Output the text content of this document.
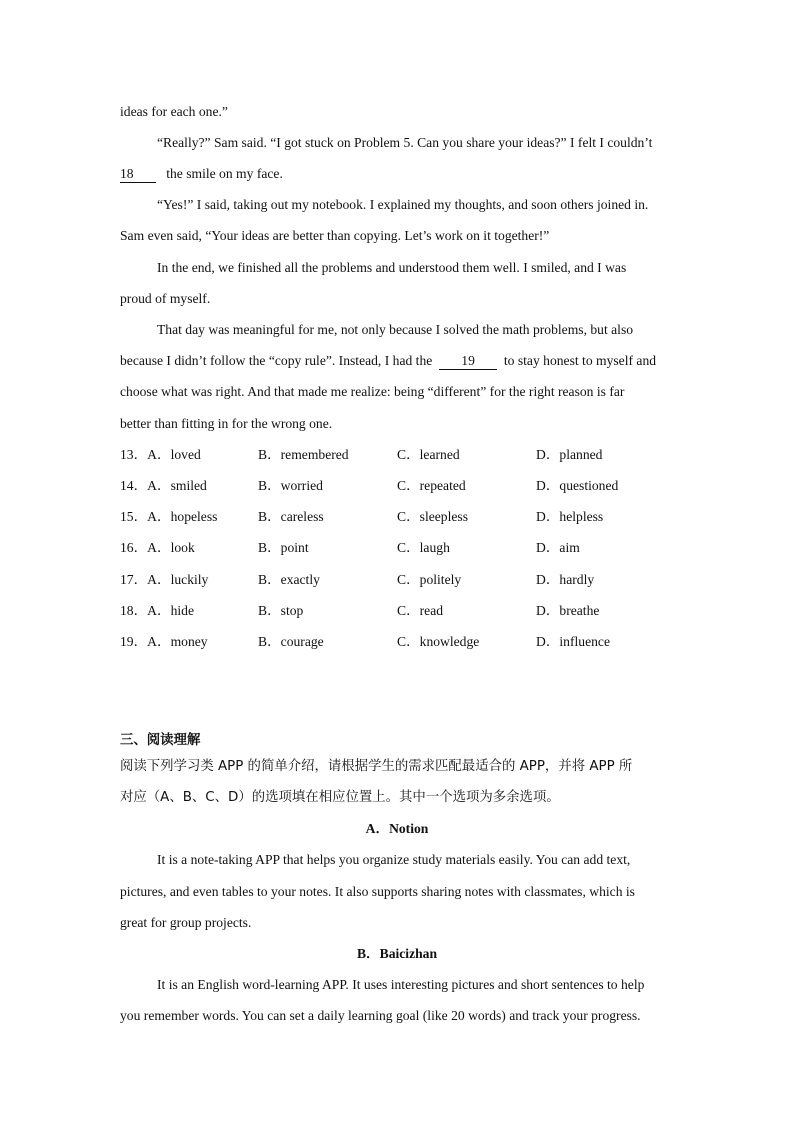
ideas for each one.”
“Really?” Sam said. “I got stuck on Problem 5. Can you share your ideas?” I felt I couldn’t
18 the smile on my face.
“Yes!” I said, taking out my notebook. I explained my thoughts, and soon others joined in.
Sam even said, “Your ideas are better than copying. Let’s work on it together!”
In the end, we finished all the problems and understood them well. I smiled, and I was
proud of myself.
That day was meaningful for me, not only because I solved the math problems, but also
because I didn’t follow the “copy rule”. Instead, I had the 19 to stay honest to myself and
choose what was right. And that made me realize: being “different” for the right reason is far
better than fitting in for the wrong one.
13．A．loved	B．remembered	C．learned	D．planned
14．A．smiled	B．worried	C．repeated	D．questioned
15．A．hopeless	B．careless	C．sleepless	D．helpless
16．A．look	B．point	C．laugh	D．aim
17．A．luckily	B．exactly	C．politely	D．hardly
18．A．hide	B．stop	C．read	D．breathe
19．A．money	B．courage	C．knowledge	D．influence
三、阅读理解
阅读下列学习类 APP 的简单介绍，请根据学生的需求匹配最适合的 APP，并将 APP 所
对应（A、B、C、D）的选项填在相应位置上。其中一个选项为多余选项。
A．Notion
It is a note-taking APP that helps you organize study materials easily. You can add text,
pictures, and even tables to your notes. It also supports sharing notes with classmates, which is
great for group projects.
B．Baicizhan
It is an English word-learning APP. It uses interesting pictures and short sentences to help
you remember words. You can set a daily learning goal (like 20 words) and track your progress.
